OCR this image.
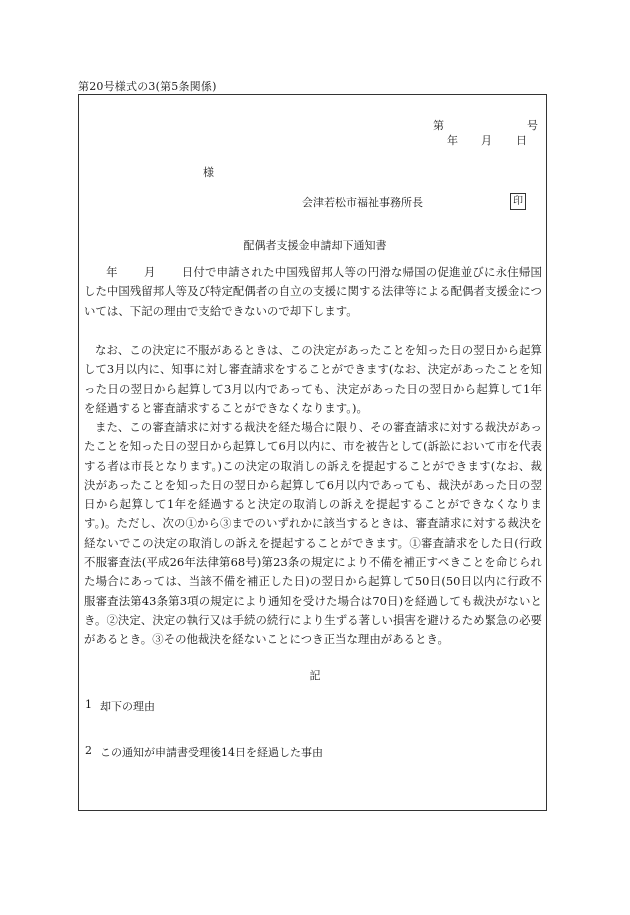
第20号様式の3(第5条関係)
第	号
年 月 日
様
会津若松市福祉事務所長	印
配偶者支援金申請却下通知書
年 月 日付で申請された中国残留邦人等の円滑な帰国の促進並びに永住帰国した中国残留邦人等及び特定配偶者の自立の支援に関する法律等による配偶者支援金については、下記の理由で支給できないので却下します。
なお、この決定に不服があるときは、この決定があったことを知った日の翌日から起算して3月以内に、知事に対し審査請求をすることができます(なお、決定があったことを知った日の翌日から起算して3月以内であっても、決定があった日の翌日から起算して1年を経過すると審査請求することができなくなります。)。
また、この審査請求に対する裁決を経た場合に限り、その審査請求に対する裁決があったことを知った日の翌日から起算して6月以内に、市を被告として(訴訟において市を代表する者は市長となります。)この決定の取消しの訴えを提起することができます(なお、裁決があったことを知った日の翌日から起算して6月以内であっても、裁決があった日の翌日から起算して1年を経過すると決定の取消しの訴えを提起することができなくなります。)。ただし、次の①から③までのいずれかに該当するときは、審査請求に対する裁決を経ないでこの決定の取消しの訴えを提起することができます。①審査請求をした日(行政不服審査法(平成26年法律第68号)第23条の規定により不備を補正すべきことを命じられた場合にあっては、当該不備を補正した日)の翌日から起算して50日(50日以内に行政不服審査法第43条第3項の規定により通知を受けた場合は70日)を経過しても裁決がないとき。②決定、決定の執行又は手続の続行により生ずる著しい損害を避けるため緊急の必要があるとき。③その他裁決を経ないことにつき正当な理由があるとき。
記
1 却下の理由
2 この通知が申請書受理後14日を経過した事由
